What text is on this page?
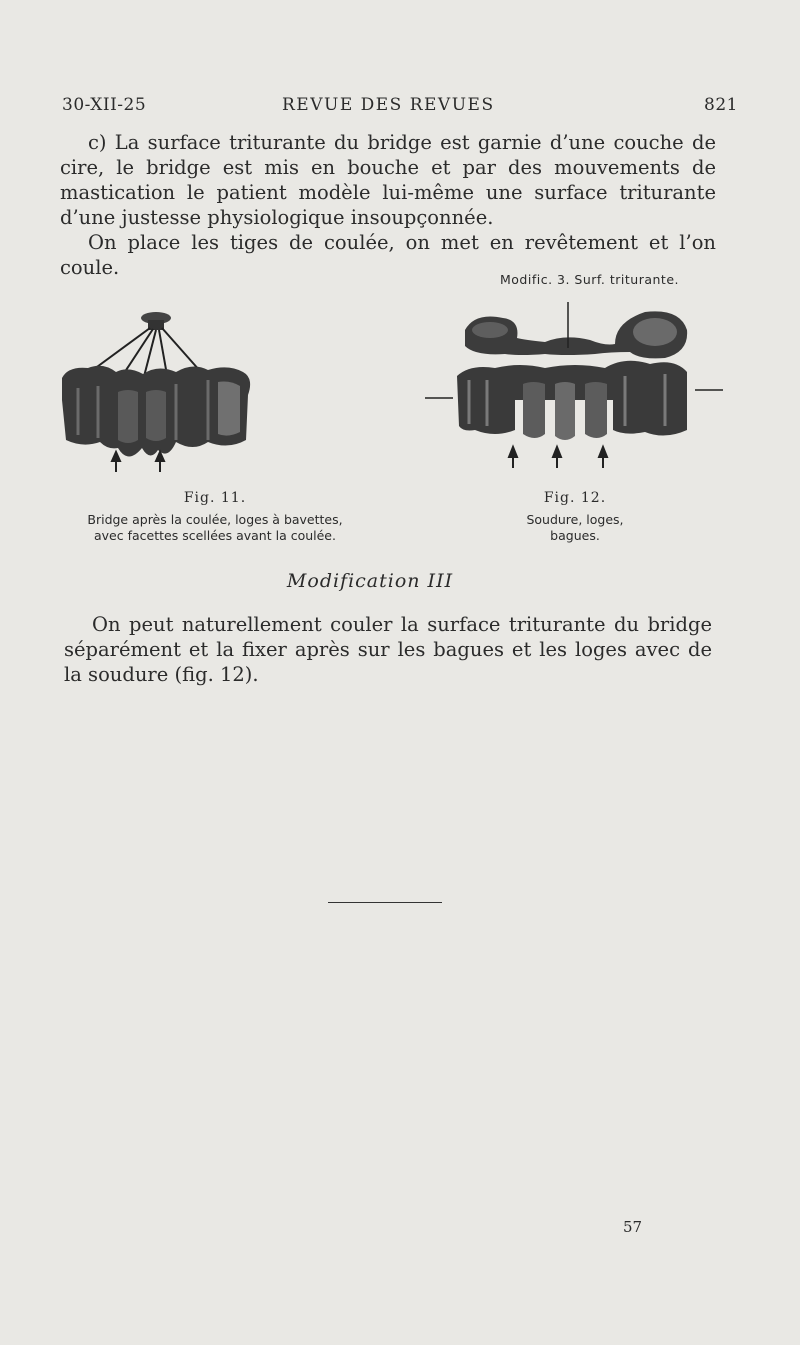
30-XII-25	REVUE DES REVUES	821

c) La surface triturante du bridge est garnie d’une couche de cire, le bridge est mis en bouche et par des mouvements de mastication le patient modèle lui-même une surface triturante d’une justesse physiologique insoupçonnée.

On place les tiges de coulée, on met en revêtement et l’on coule.

Modific. 3. Surf. triturante.
Fig. 11.
Bridge après la coulée, loges à bavettes,
avec facettes scellées avant la coulée.
Fig. 12.
Soudure, loges,
bagues.
Modification III

On peut naturellement couler la surface triturante du bridge séparément et la fixer après sur les bagues et les loges avec de la soudure (fig. 12).

57
